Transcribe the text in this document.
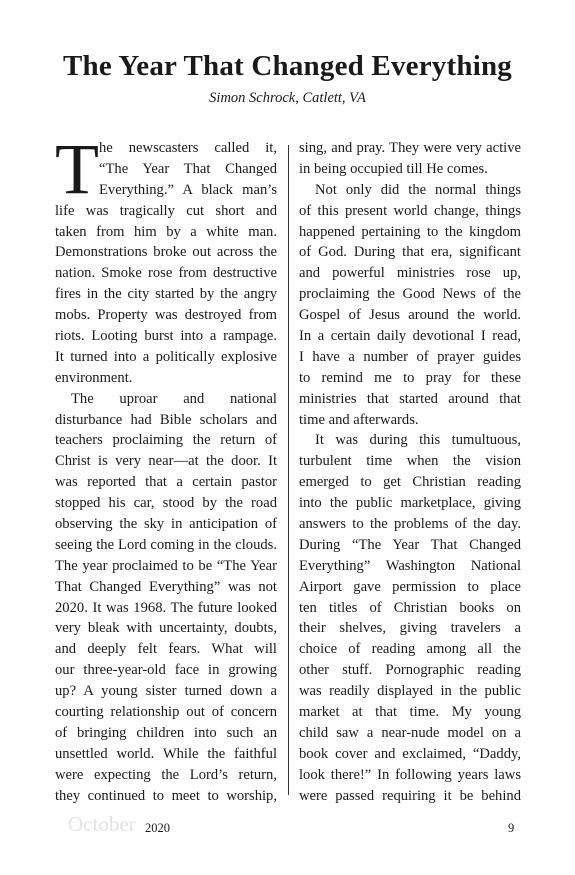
The Year That Changed Everything
Simon Schrock, Catlett, VA
T he newscasters called it,
“The Year That Changed
Everything.” A black man’s
life was tragically cut short and
taken from him by a white man.
Demonstrations broke out across the
nation. Smoke rose from destructive
fires in the city started by the angry
mobs. Property was destroyed from
riots. Looting burst into a rampage.
It turned into a politically explosive
environment.
The uproar and national
disturbance had Bible scholars and
teachers proclaiming the return of
Christ is very near—at the door. It
was reported that a certain pastor
stopped his car, stood by the road
observing the sky in anticipation of
seeing the Lord coming in the clouds.
The year proclaimed to be “The Year
That Changed Everything” was not
2020. It was 1968. The future looked
very bleak with uncertainty, doubts,
and deeply felt fears. What will
our three-year-old face in growing
up? A young sister turned down a
courting relationship out of concern
of bringing children into such an
unsettled world. While the faithful
were expecting the Lord’s return,
they continued to meet to worship,
sing, and pray. They were very active
in being occupied till He comes.
Not only did the normal things
of this present world change, things
happened pertaining to the kingdom
of God. During that era, significant
and powerful ministries rose up,
proclaiming the Good News of the
Gospel of Jesus around the world.
In a certain daily devotional I read,
I have a number of prayer guides
to remind me to pray for these
ministries that started around that
time and afterwards.
It was during this tumultuous,
turbulent time when the vision
emerged to get Christian reading
into the public marketplace, giving
answers to the problems of the day.
During “The Year That Changed
Everything” Washington National
Airport gave permission to place
ten titles of Christian books on
their shelves, giving travelers a
choice of reading among all the
other stuff. Pornographic reading
was readily displayed in the public
market at that time. My young
child saw a near-nude model on a
book cover and exclaimed, “Daddy,
look there!” In following years laws
were passed requiring it be behind
October 2020	9
